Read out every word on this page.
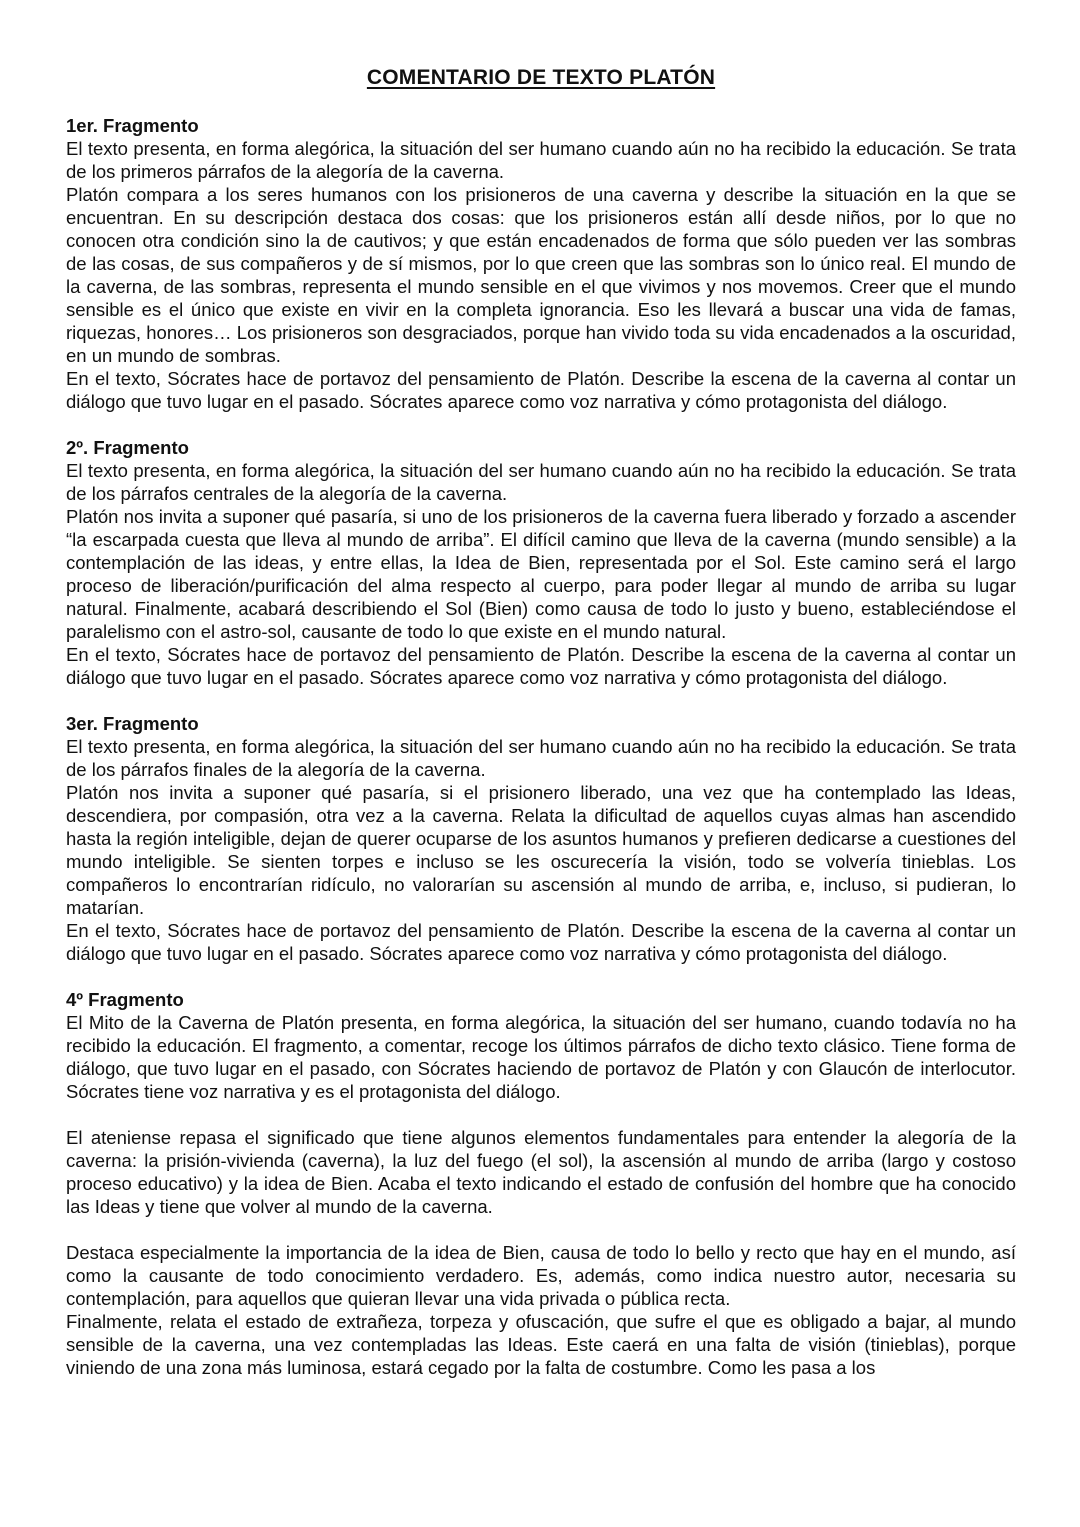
COMENTARIO DE TEXTO PLATÓN

1er. Fragmento

El texto presenta, en forma alegórica, la situación del ser humano cuando aún no ha recibido la educación. Se trata de los primeros párrafos de la alegoría de la caverna.

Platón compara a los seres humanos con los prisioneros de una caverna y describe la situación en la que se encuentran. En su descripción destaca dos cosas: que los prisioneros están allí desde niños, por lo que no conocen otra condición sino la de cautivos; y que están encadenados de forma que sólo pueden ver las sombras de las cosas, de sus compañeros y de sí mismos, por lo que creen que las sombras son lo único real. El mundo de la caverna, de las sombras, representa el mundo sensible en el que vivimos y nos movemos. Creer que el mundo sensible es el único que existe en vivir en la completa ignorancia. Eso les llevará a buscar una vida de famas, riquezas, honores… Los prisioneros son desgraciados, porque han vivido toda su vida encadenados a la oscuridad, en un mundo de sombras.

En el texto, Sócrates hace de portavoz del pensamiento de Platón. Describe la escena de la caverna al contar un diálogo que tuvo lugar en el pasado. Sócrates aparece como voz narrativa y cómo protagonista del diálogo.

2º. Fragmento

El texto presenta, en forma alegórica, la situación del ser humano cuando aún no ha recibido la educación. Se trata de los párrafos centrales de la alegoría de la caverna.

Platón nos invita a suponer qué pasaría, si uno de los prisioneros de la caverna fuera liberado y forzado a ascender “la escarpada cuesta que lleva al mundo de arriba”. El difícil camino que lleva de la caverna (mundo sensible) a la contemplación de las ideas, y entre ellas, la Idea de Bien, representada por el Sol. Este camino será el largo proceso de liberación/purificación del alma respecto al cuerpo, para poder llegar al mundo de arriba su lugar natural. Finalmente, acabará describiendo el Sol (Bien) como causa de todo lo justo y bueno, estableciéndose el paralelismo con el astro-sol, causante de todo lo que existe en el mundo natural.

En el texto, Sócrates hace de portavoz del pensamiento de Platón. Describe la escena de la caverna al contar un diálogo que tuvo lugar en el pasado. Sócrates aparece como voz narrativa y cómo protagonista del diálogo.

3er. Fragmento

El texto presenta, en forma alegórica, la situación del ser humano cuando aún no ha recibido la educación. Se trata de los párrafos finales de la alegoría de la caverna.

Platón nos invita a suponer qué pasaría, si el prisionero liberado, una vez que ha contemplado las Ideas, descendiera, por compasión, otra vez a la caverna. Relata la dificultad de aquellos cuyas almas han ascendido hasta la región inteligible, dejan de querer ocuparse de los asuntos humanos y prefieren dedicarse a cuestiones del mundo inteligible. Se sienten torpes e incluso se les oscurecería la visión, todo se volvería tinieblas. Los compañeros lo encontrarían ridículo, no valorarían su ascensión al mundo de arriba, e, incluso, si pudieran, lo matarían.

En el texto, Sócrates hace de portavoz del pensamiento de Platón. Describe la escena de la caverna al contar un diálogo que tuvo lugar en el pasado. Sócrates aparece como voz narrativa y cómo protagonista del diálogo.

4º Fragmento

El Mito de la Caverna de Platón presenta, en forma alegórica, la situación del ser humano, cuando todavía no ha recibido la educación. El fragmento, a comentar, recoge los últimos párrafos de dicho texto clásico. Tiene forma de diálogo, que tuvo lugar en el pasado, con Sócrates haciendo de portavoz de Platón y con Glaucón de interlocutor. Sócrates tiene voz narrativa y es el protagonista del diálogo.

El ateniense repasa el significado que tiene algunos elementos fundamentales para entender la alegoría de la caverna: la prisión-vivienda (caverna), la luz del fuego (el sol), la ascensión al mundo de arriba (largo y costoso proceso educativo) y la idea de Bien. Acaba el texto indicando el estado de confusión del hombre que ha conocido las Ideas y tiene que volver al mundo de la caverna.

Destaca especialmente la importancia de la idea de Bien, causa de todo lo bello y recto que hay en el mundo, así como la causante de todo conocimiento verdadero. Es, además, como indica nuestro autor, necesaria su contemplación, para aquellos que quieran llevar una vida privada o pública recta.

Finalmente, relata el estado de extrañeza, torpeza y ofuscación, que sufre el que es obligado a bajar, al mundo sensible de la caverna, una vez contempladas las Ideas. Este caerá en una falta de visión (tinieblas), porque viniendo de una zona más luminosa, estará cegado por la falta de costumbre. Como les pasa a los
